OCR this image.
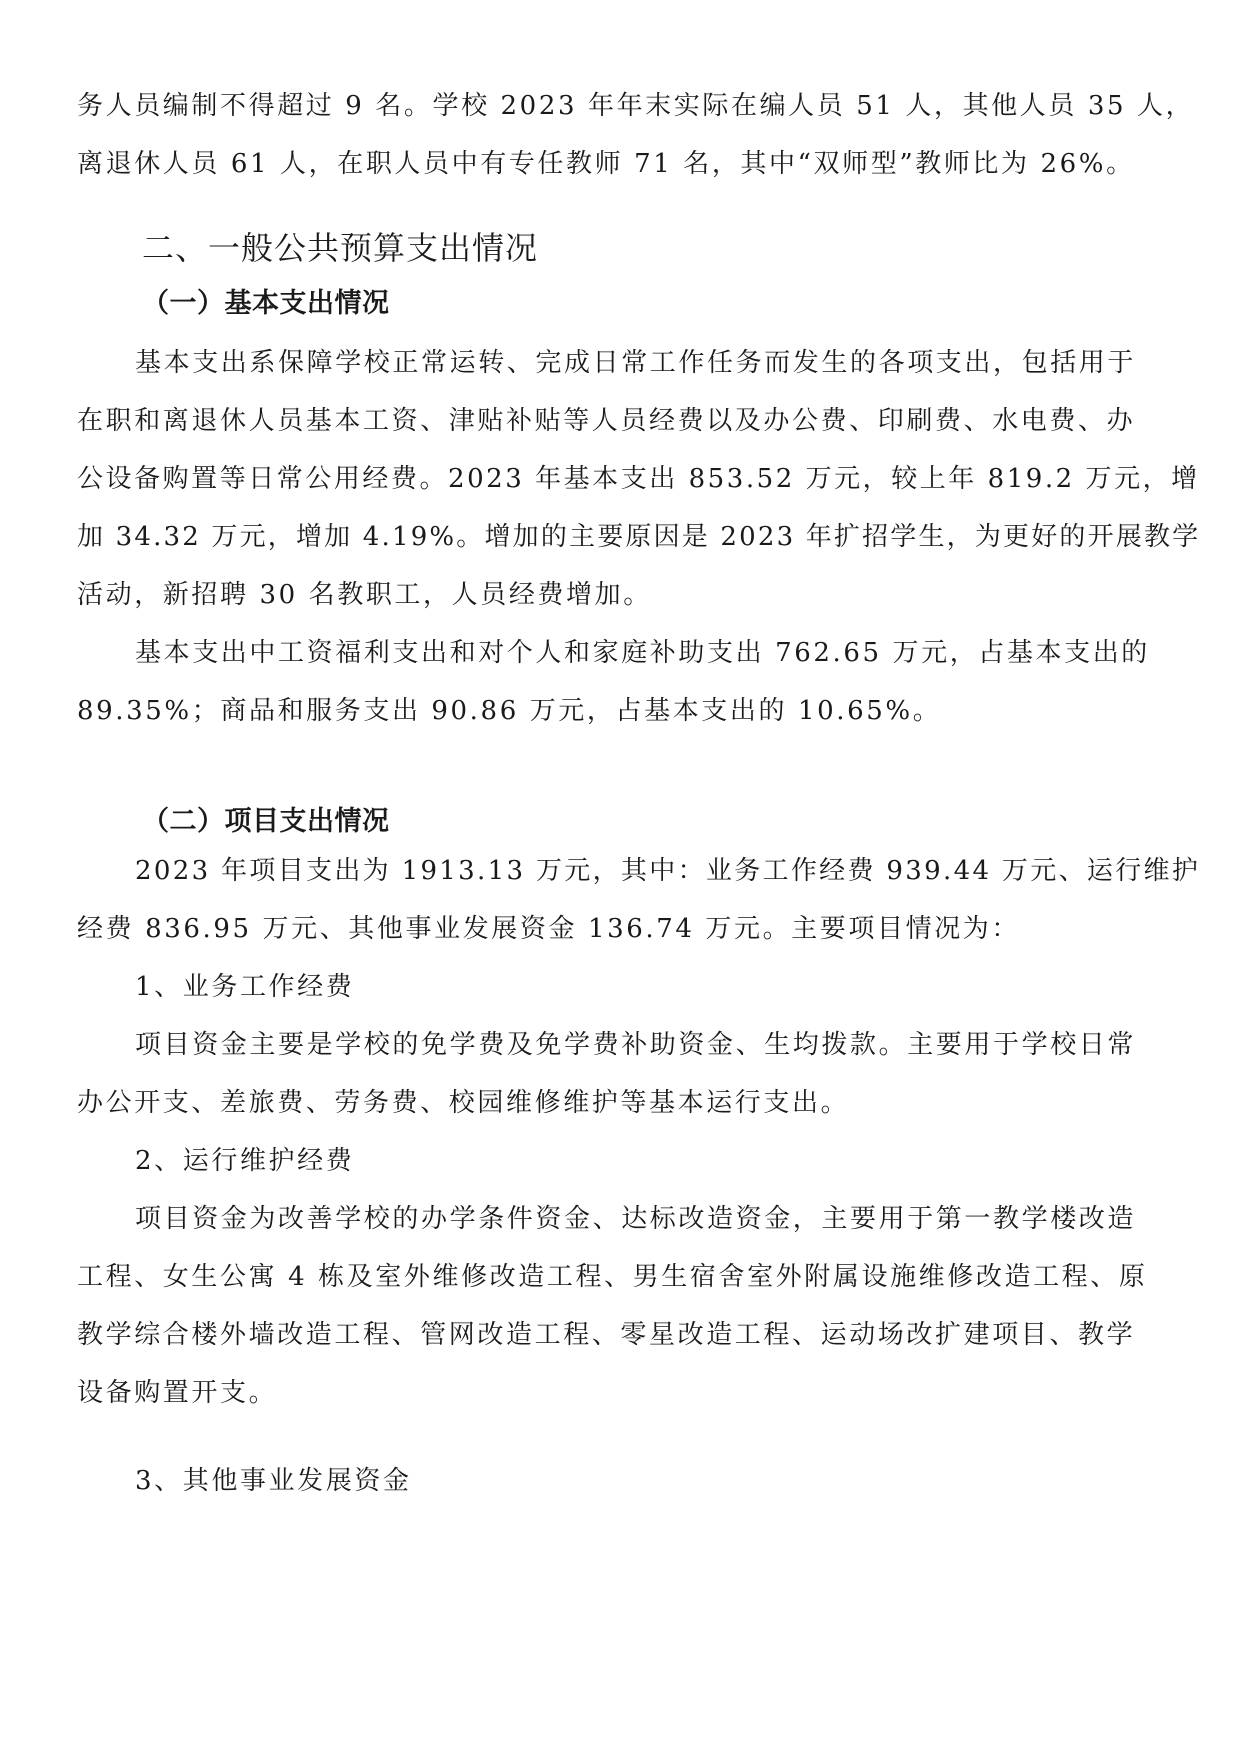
务人员编制不得超过 9 名。学校 2023 年年末实际在编人员 51 人，其他人员 35 人，
离退休人员 61 人，在职人员中有专任教师 71 名，其中“双师型”教师比为 26%。
二、一般公共预算支出情况
（一）基本支出情况
基本支出系保障学校正常运转、完成日常工作任务而发生的各项支出，包括用于
在职和离退休人员基本工资、津贴补贴等人员经费以及办公费、印刷费、水电费、办
公设备购置等日常公用经费。2023 年基本支出 853.52 万元，较上年 819.2 万元，增
加 34.32 万元，增加 4.19%。增加的主要原因是 2023 年扩招学生，为更好的开展教学
活动，新招聘 30 名教职工，人员经费增加。
基本支出中工资福利支出和对个人和家庭补助支出 762.65 万元，占基本支出的
89.35%；商品和服务支出 90.86 万元，占基本支出的 10.65%。
（二）项目支出情况
2023 年项目支出为 1913.13 万元，其中：业务工作经费 939.44 万元、运行维护
经费 836.95 万元、其他事业发展资金 136.74 万元。主要项目情况为：
1、业务工作经费
项目资金主要是学校的免学费及免学费补助资金、生均拨款。主要用于学校日常
办公开支、差旅费、劳务费、校园维修维护等基本运行支出。
2、运行维护经费
项目资金为改善学校的办学条件资金、达标改造资金，主要用于第一教学楼改造
工程、女生公寓 4 栋及室外维修改造工程、男生宿舍室外附属设施维修改造工程、原
教学综合楼外墙改造工程、管网改造工程、零星改造工程、运动场改扩建项目、教学
设备购置开支。
3、其他事业发展资金
